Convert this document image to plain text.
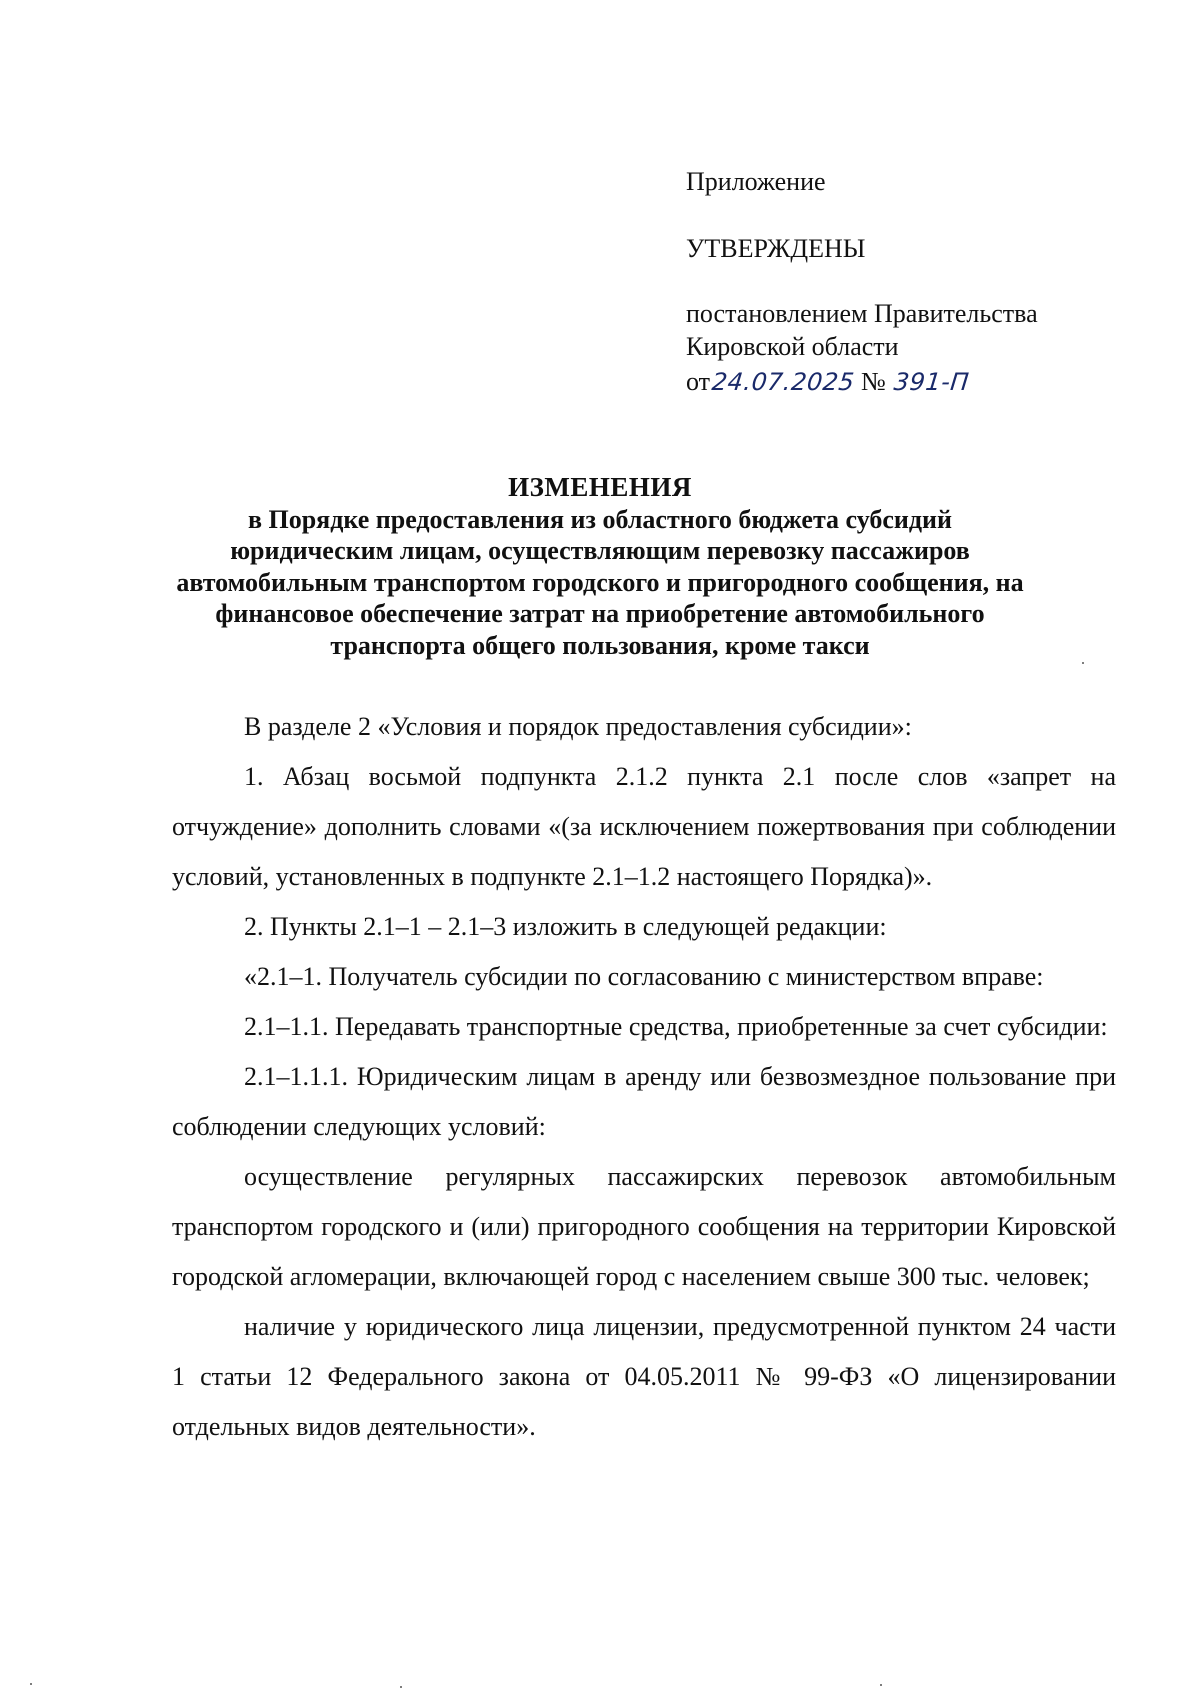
Приложение
УТВЕРЖДЕНЫ
постановлением Правительства
Кировской области
от24.07.2025 № 391-П
ИЗМЕНЕНИЯ
в Порядке предоставления из областного бюджета субсидий
юридическим лицам, осуществляющим перевозку пассажиров
автомобильным транспортом городского и пригородного сообщения, на
финансовое обеспечение затрат на приобретение автомобильного
транспорта общего пользования, кроме такси

В разделе 2 «Условия и порядок предоставления субсидии»:

1. Абзац восьмой подпункта 2.1.2 пункта 2.1 после слов «запрет на отчуждение» дополнить словами «(за исключением пожертвования при соблюдении условий, установленных в подпункте 2.1–1.2 настоящего Порядка)».

2. Пункты 2.1–1 – 2.1–3 изложить в следующей редакции:

«2.1–1. Получатель субсидии по согласованию с министерством вправе:

2.1–1.1. Передавать транспортные средства, приобретенные за счет субсидии:

2.1–1.1.1. Юридическим лицам в аренду или безвозмездное пользование при соблюдении следующих условий:

осуществление регулярных пассажирских перевозок автомобильным транспортом городского и (или) пригородного сообщения на территории Кировской городской агломерации, включающей город с населением свыше 300 тыс. человек;

наличие у юридического лица лицензии, предусмотренной пунктом 24 части 1 статьи 12 Федерального закона от 04.05.2011 № 99-ФЗ «О лицензировании отдельных видов деятельности».
